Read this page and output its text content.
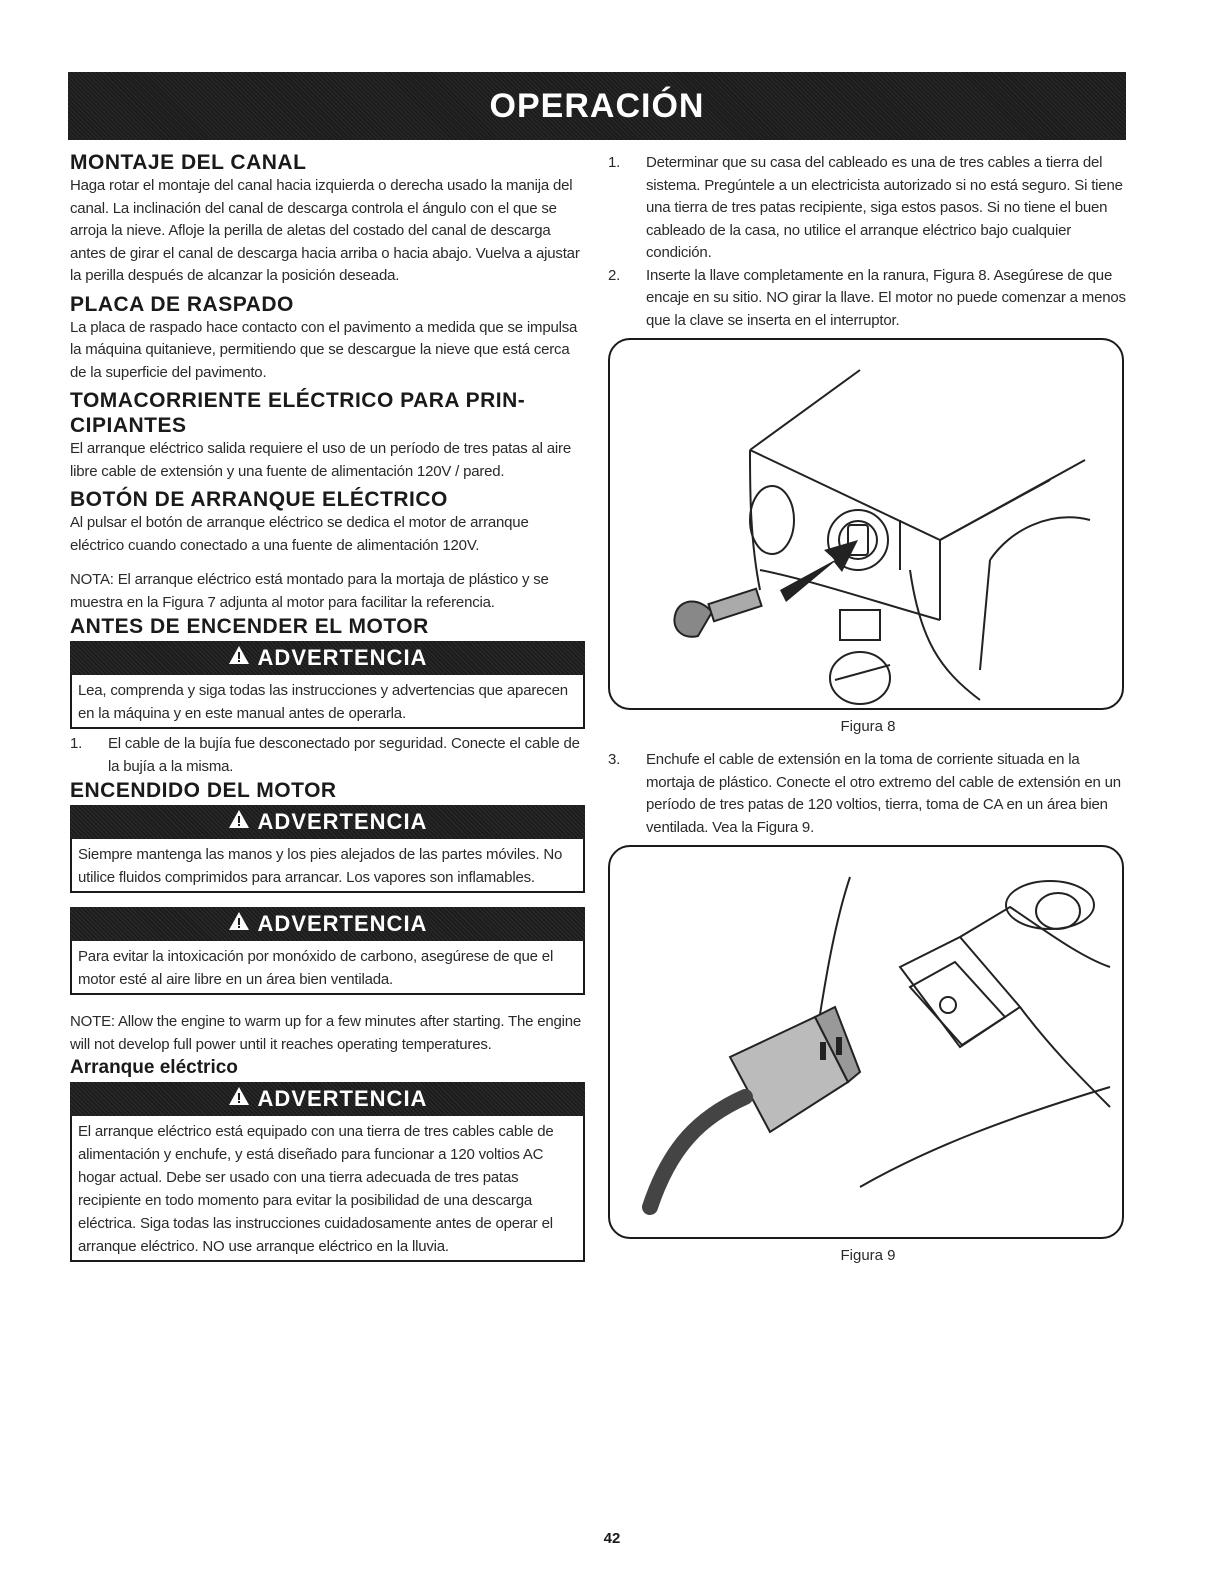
OPERACIÓN
MONTAJE DEL CANAL

Haga rotar el montaje del canal hacia izquierda o derecha usado la manija del canal. La inclinación del canal de descarga controla el ángulo con el que se arroja la nieve. Afloje la perilla de aletas del costado del canal de descarga antes de girar el canal de descarga hacia arriba o hacia abajo. Vuelva a ajustar la perilla después de alcanzar la posición deseada.

PLACA DE RASPADO

La placa de raspado hace contacto con el pavimento a medida que se impulsa la máquina quitanieve, permitiendo que se descargue la nieve que está cerca de la superficie del pavimento.

TOMACORRIENTE ELÉCTRICO PARA PRIN-CIPIANTES

El arranque eléctrico salida requiere el uso de un período de tres patas al aire libre cable de extensión y una fuente de alimentación 120V / pared.

BOTÓN DE ARRANQUE ELÉCTRICO

Al pulsar el botón de arranque eléctrico se dedica el motor de arranque eléctrico cuando conectado a una fuente de alimentación 120V.

NOTA: El arranque eléctrico está montado para la mortaja de plástico y se muestra en la Figura 7 adjunta al motor para facilitar la referencia.

ANTES DE ENCENDER EL MOTOR
ADVERTENCIA

Lea, comprenda y siga todas las instrucciones y advertencias que aparecen en la máquina y en este manual antes de operarla.

1.	El cable de la bujía fue desconectado por seguridad. Conecte el cable de la bujía a la misma.
ENCENDIDO DEL MOTOR
ADVERTENCIA

Siempre mantenga las manos y los pies alejados de las partes móviles. No utilice fluidos comprimidos para arrancar. Los vapores son inflamables.

ADVERTENCIA

Para evitar la intoxicación por monóxido de carbono, asegúrese de que el motor esté al aire libre en un área bien ventilada.

NOTE: Allow the engine to warm up for a few minutes after starting. The engine will not develop full power until it reaches operating temperatures.

Arranque eléctrico
ADVERTENCIA

El arranque eléctrico está equipado con una tierra de tres cables cable de alimentación y enchufe, y está diseñado para funcionar a 120 voltios AC hogar actual. Debe ser usado con una tierra adecuada de tres patas recipiente en todo momento para evitar la posibilidad de una descarga eléctrica. Siga todas las instrucciones cuidadosamente antes de operar el arranque eléctrico. NO use arranque eléctrico en la lluvia.

1.	Determinar que su casa del cableado es una de tres cables a tierra del sistema. Pregúntele a un electricista autorizado si no está seguro. Si tiene una tierra de tres patas recipiente, siga estos pasos. Si no tiene el buen cableado de la casa, no utilice el arranque eléctrico bajo cualquier condición.
2.	Inserte la llave completamente en la ranura, Figura 8. Asegúrese de que encaje en su sitio. NO girar la llave. El motor no puede comenzar a menos que la clave se inserta en el interruptor.
Figura 8
3.	Enchufe el cable de extensión en la toma de corriente situada en la mortaja de plástico. Conecte el otro extremo del cable de extensión en un período de tres patas de 120 voltios, tierra, toma de CA en un área bien ventilada. Vea la Figura 9.
Figura 9
42
